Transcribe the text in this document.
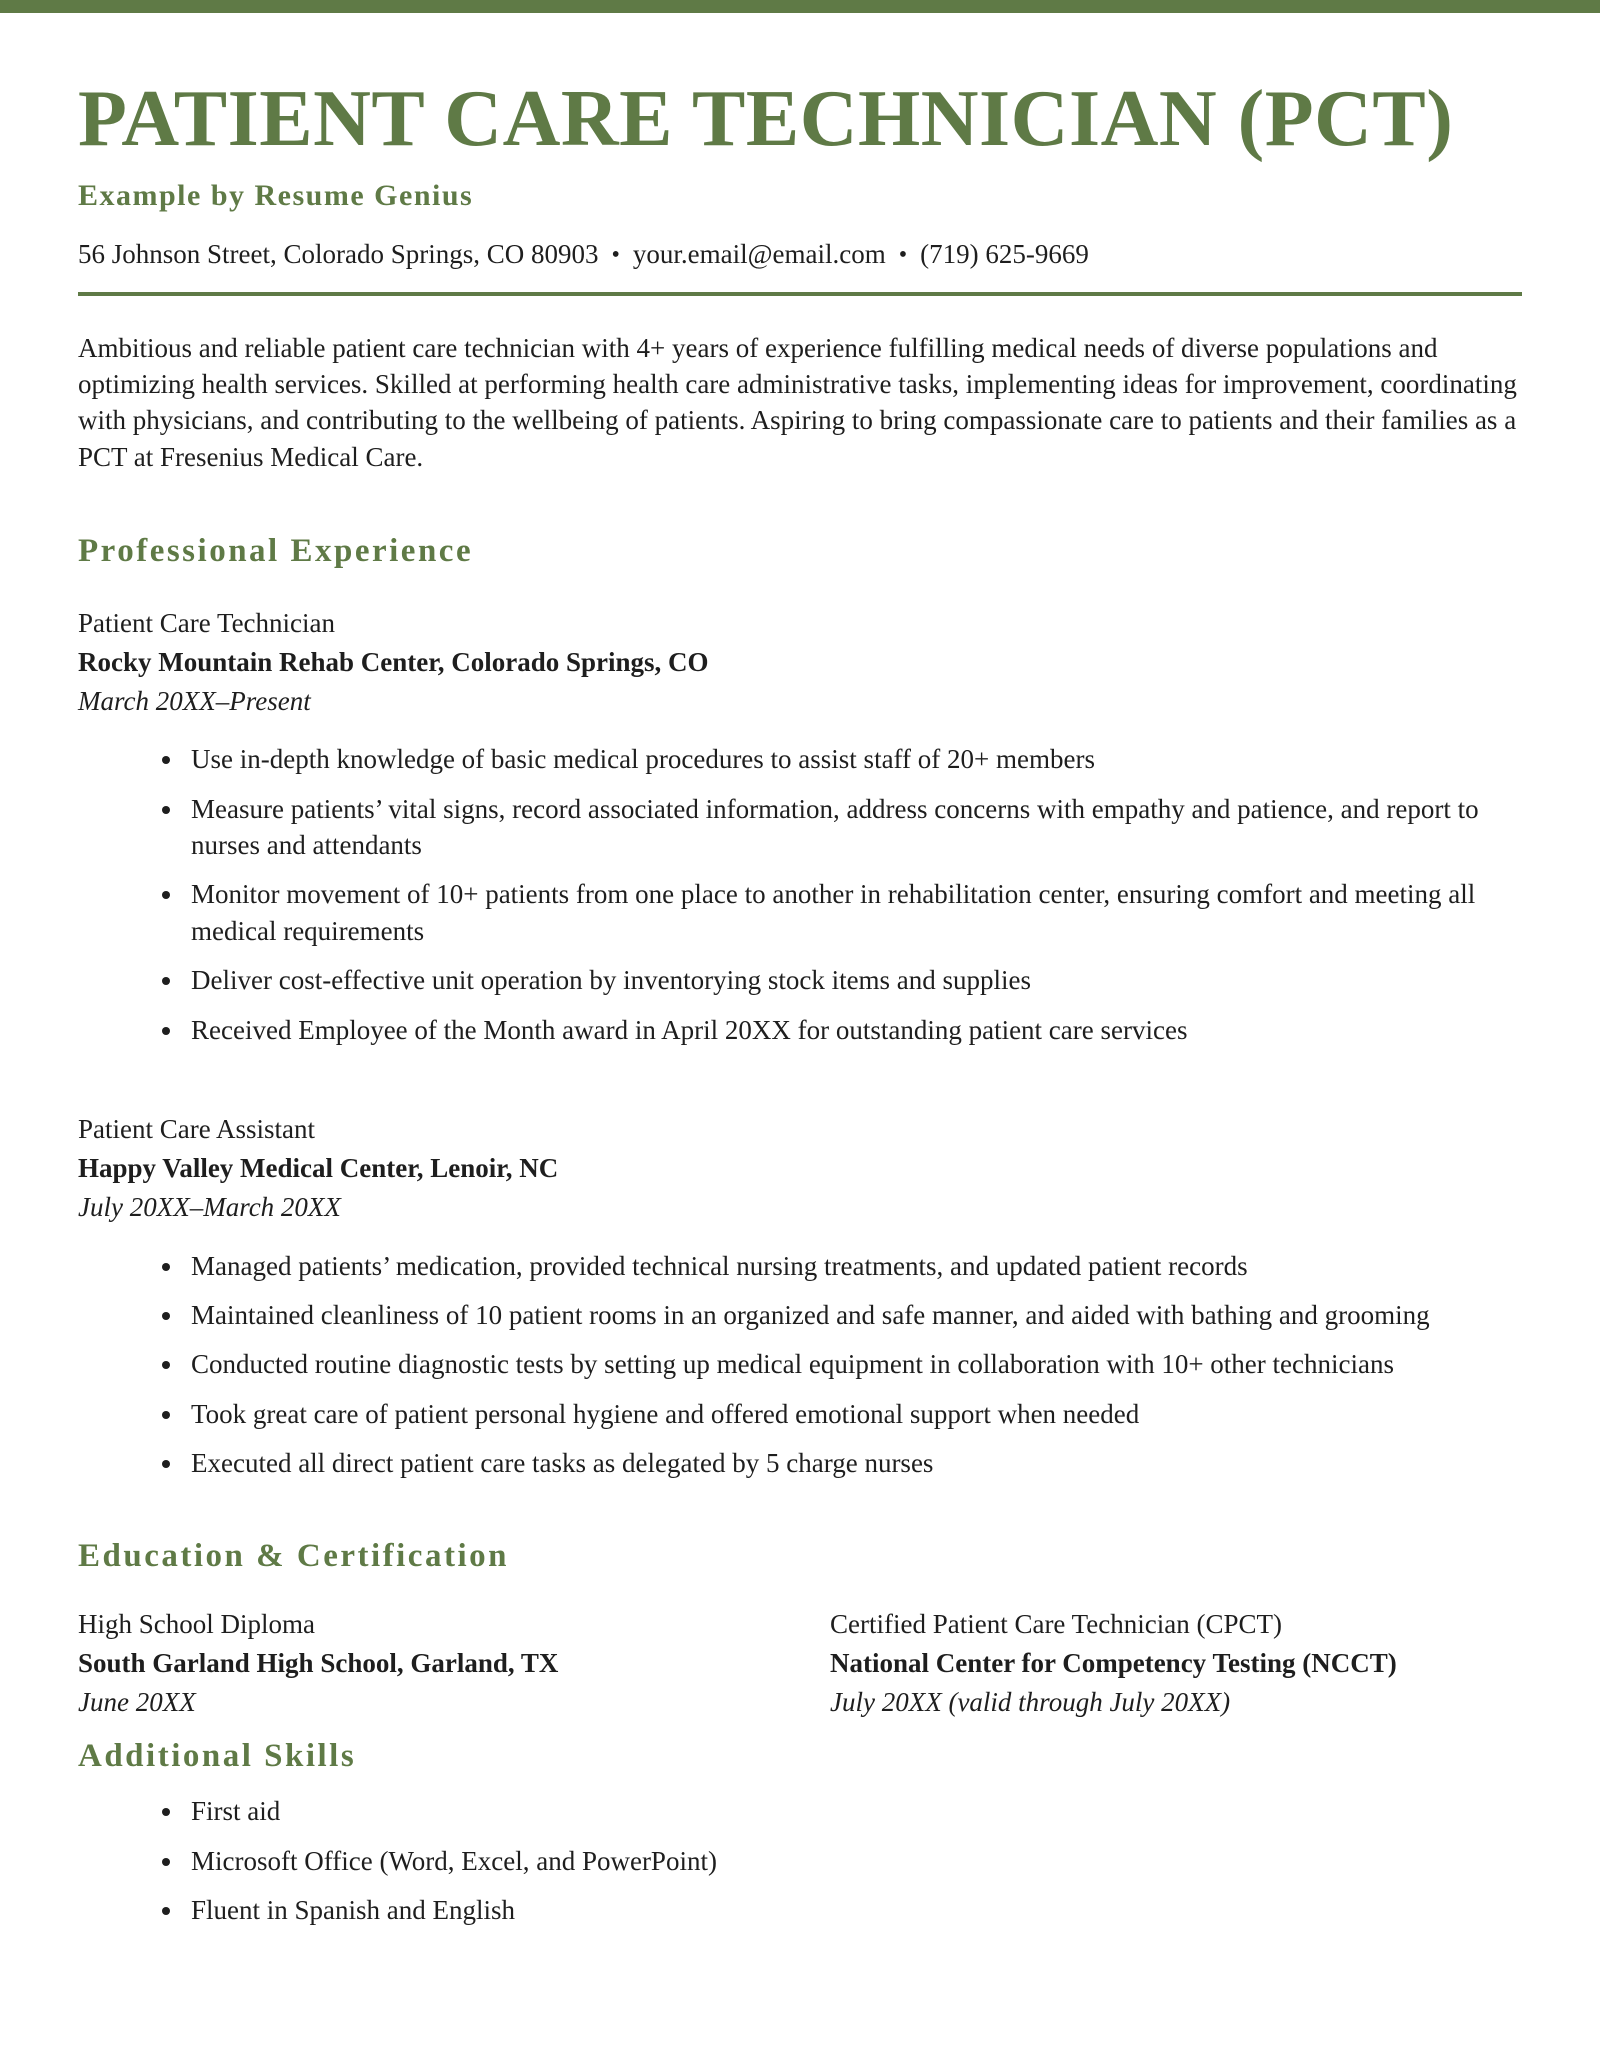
PATIENT CARE TECHNICIAN (PCT)
Example by Resume Genius
56 Johnson Street, Colorado Springs, CO 80903 • your.email@email.com • (719) 625-9669

Ambitious and reliable patient care technician with 4+ years of experience fulfilling medical needs of diverse populations and optimizing health services. Skilled at performing health care administrative tasks, implementing ideas for improvement, coordinating with physicians, and contributing to the wellbeing of patients. Aspiring to bring compassionate care to patients and their families as a PCT at Fresenius Medical Care.

Professional Experience
Patient Care Technician
Rocky Mountain Rehab Center, Colorado Springs, CO
March 20XX–Present
• Use in-depth knowledge of basic medical procedures to assist staff of 20+ members
• Measure patients’ vital signs, record associated information, address concerns with empathy and patience, and report to nurses and attendants
• Monitor movement of 10+ patients from one place to another in rehabilitation center, ensuring comfort and meeting all medical requirements
• Deliver cost-effective unit operation by inventorying stock items and supplies
• Received Employee of the Month award in April 20XX for outstanding patient care services
Patient Care Assistant
Happy Valley Medical Center, Lenoir, NC
July 20XX–March 20XX
• Managed patients’ medication, provided technical nursing treatments, and updated patient records
• Maintained cleanliness of 10 patient rooms in an organized and safe manner, and aided with bathing and grooming
• Conducted routine diagnostic tests by setting up medical equipment in collaboration with 10+ other technicians
• Took great care of patient personal hygiene and offered emotional support when needed
• Executed all direct patient care tasks as delegated by 5 charge nurses
Education & Certification
High School Diploma
South Garland High School, Garland, TX
June 20XX
Certified Patient Care Technician (CPCT)
National Center for Competency Testing (NCCT)
July 20XX (valid through July 20XX)
Additional Skills
• First aid
• Microsoft Office (Word, Excel, and PowerPoint)
• Fluent in Spanish and English
